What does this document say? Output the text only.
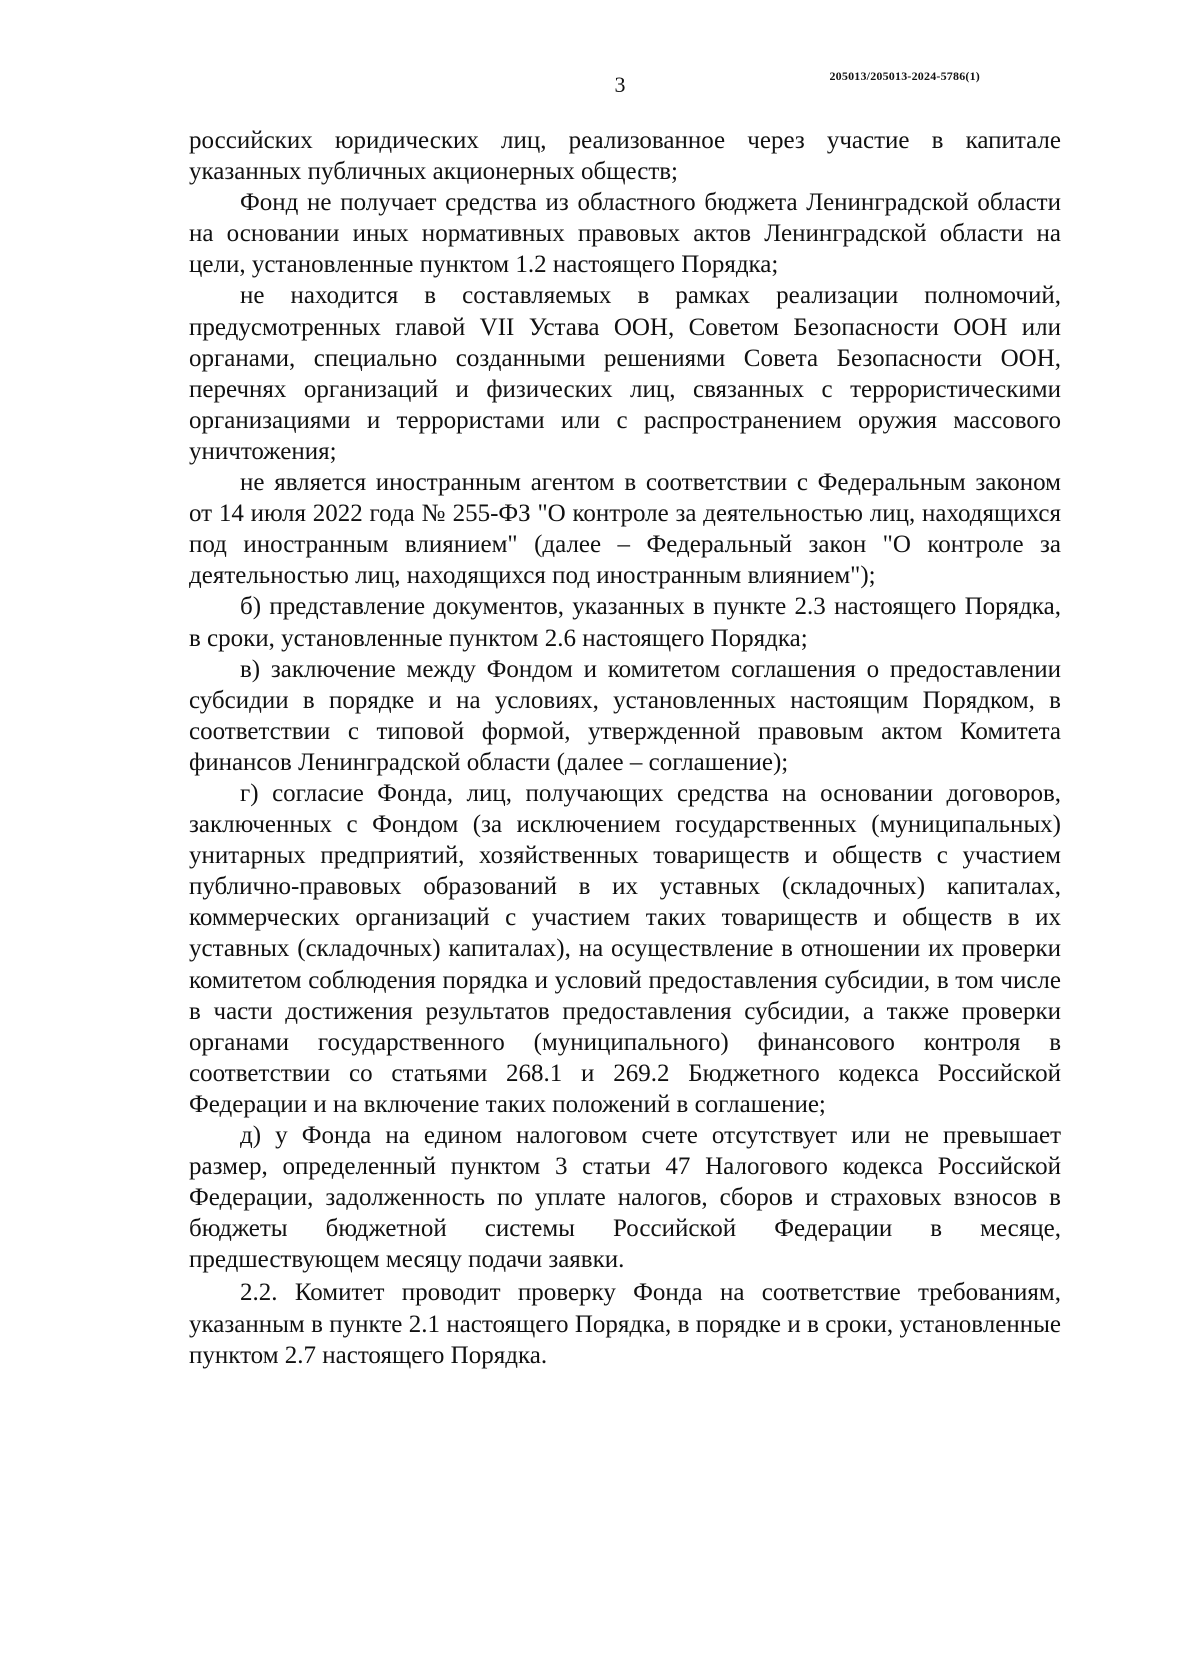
3	205013/205013-2024-5786(1)

российских юридических лиц, реализованное через участие в капитале указанных публичных акционерных обществ;

Фонд не получает средства из областного бюджета Ленинградской области на основании иных нормативных правовых актов Ленинградской области на цели, установленные пунктом 1.2 настоящего Порядка;

не находится в составляемых в рамках реализации полномочий, предусмотренных главой VII Устава ООН, Советом Безопасности ООН или органами, специально созданными решениями Совета Безопасности ООН, перечнях организаций и физических лиц, связанных с террористическими организациями и террористами или с распространением оружия массового уничтожения;

не является иностранным агентом в соответствии с Федеральным законом от 14 июля 2022 года № 255-ФЗ "О контроле за деятельностью лиц, находящихся под иностранным влиянием" (далее – Федеральный закон "О контроле за деятельностью лиц, находящихся под иностранным влиянием");

б) представление документов, указанных в пункте 2.3 настоящего Порядка, в сроки, установленные пунктом 2.6 настоящего Порядка;

в) заключение между Фондом и комитетом соглашения о предоставлении субсидии в порядке и на условиях, установленных настоящим Порядком, в соответствии с типовой формой, утвержденной правовым актом Комитета финансов Ленинградской области (далее – соглашение);

г) согласие Фонда, лиц, получающих средства на основании договоров, заключенных с Фондом (за исключением государственных (муниципальных) унитарных предприятий, хозяйственных товариществ и обществ с участием публично-правовых образований в их уставных (складочных) капиталах, коммерческих организаций с участием таких товариществ и обществ в их уставных (складочных) капиталах), на осуществление в отношении их проверки комитетом соблюдения порядка и условий предоставления субсидии, в том числе в части достижения результатов предоставления субсидии, а также проверки органами государственного (муниципального) финансового контроля в соответствии со статьями 268.1 и 269.2 Бюджетного кодекса Российской Федерации и на включение таких положений в соглашение;

д) у Фонда на едином налоговом счете отсутствует или не превышает размер, определенный пунктом 3 статьи 47 Налогового кодекса Российской Федерации, задолженность по уплате налогов, сборов и страховых взносов в бюджеты бюджетной системы Российской Федерации в месяце, предшествующем месяцу подачи заявки.

2.2. Комитет проводит проверку Фонда на соответствие требованиям, указанным в пункте 2.1 настоящего Порядка, в порядке и в сроки, установленные пунктом 2.7 настоящего Порядка.
